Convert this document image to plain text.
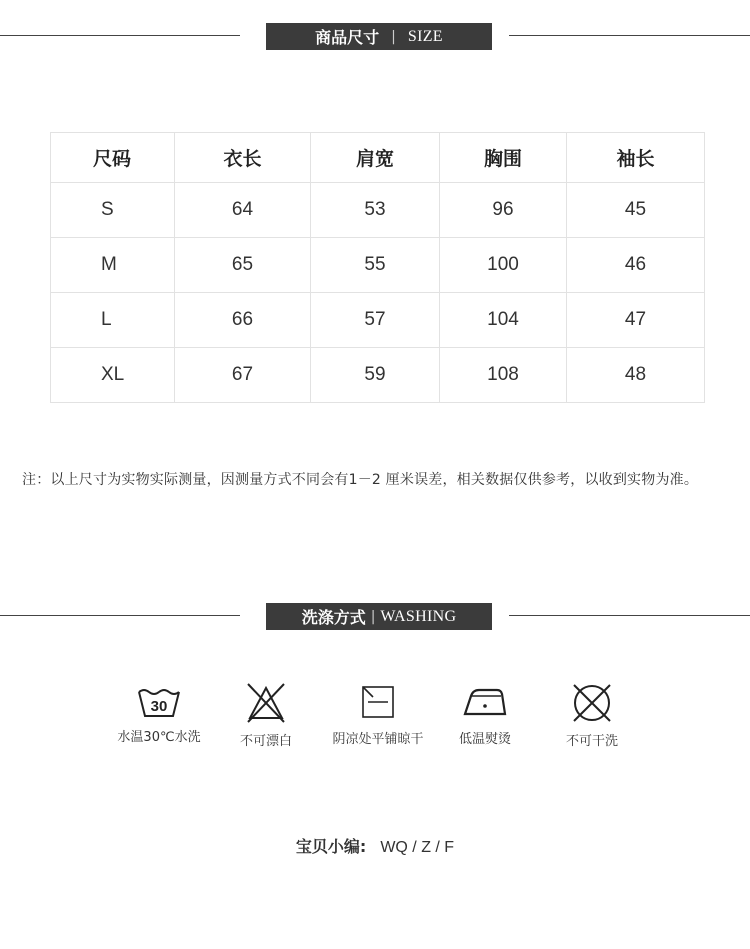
商品尺寸 | SIZE
尺码	衣长	肩宽	胸围	袖长
S	64	53	96	45
M	65	55	100	46
L	66	57	104	47
XL	67	59	108	48
注：以上尺寸为实物实际测量，因测量方式不同会有1－2 厘米误差，相关数据仅供参考，以收到实物为准。
洗涤方式 | WASHING
30
水温30℃水洗	不可漂白	阴凉处平铺晾干	低温熨烫	不可干洗
宝贝小编: WQ / Z / F
